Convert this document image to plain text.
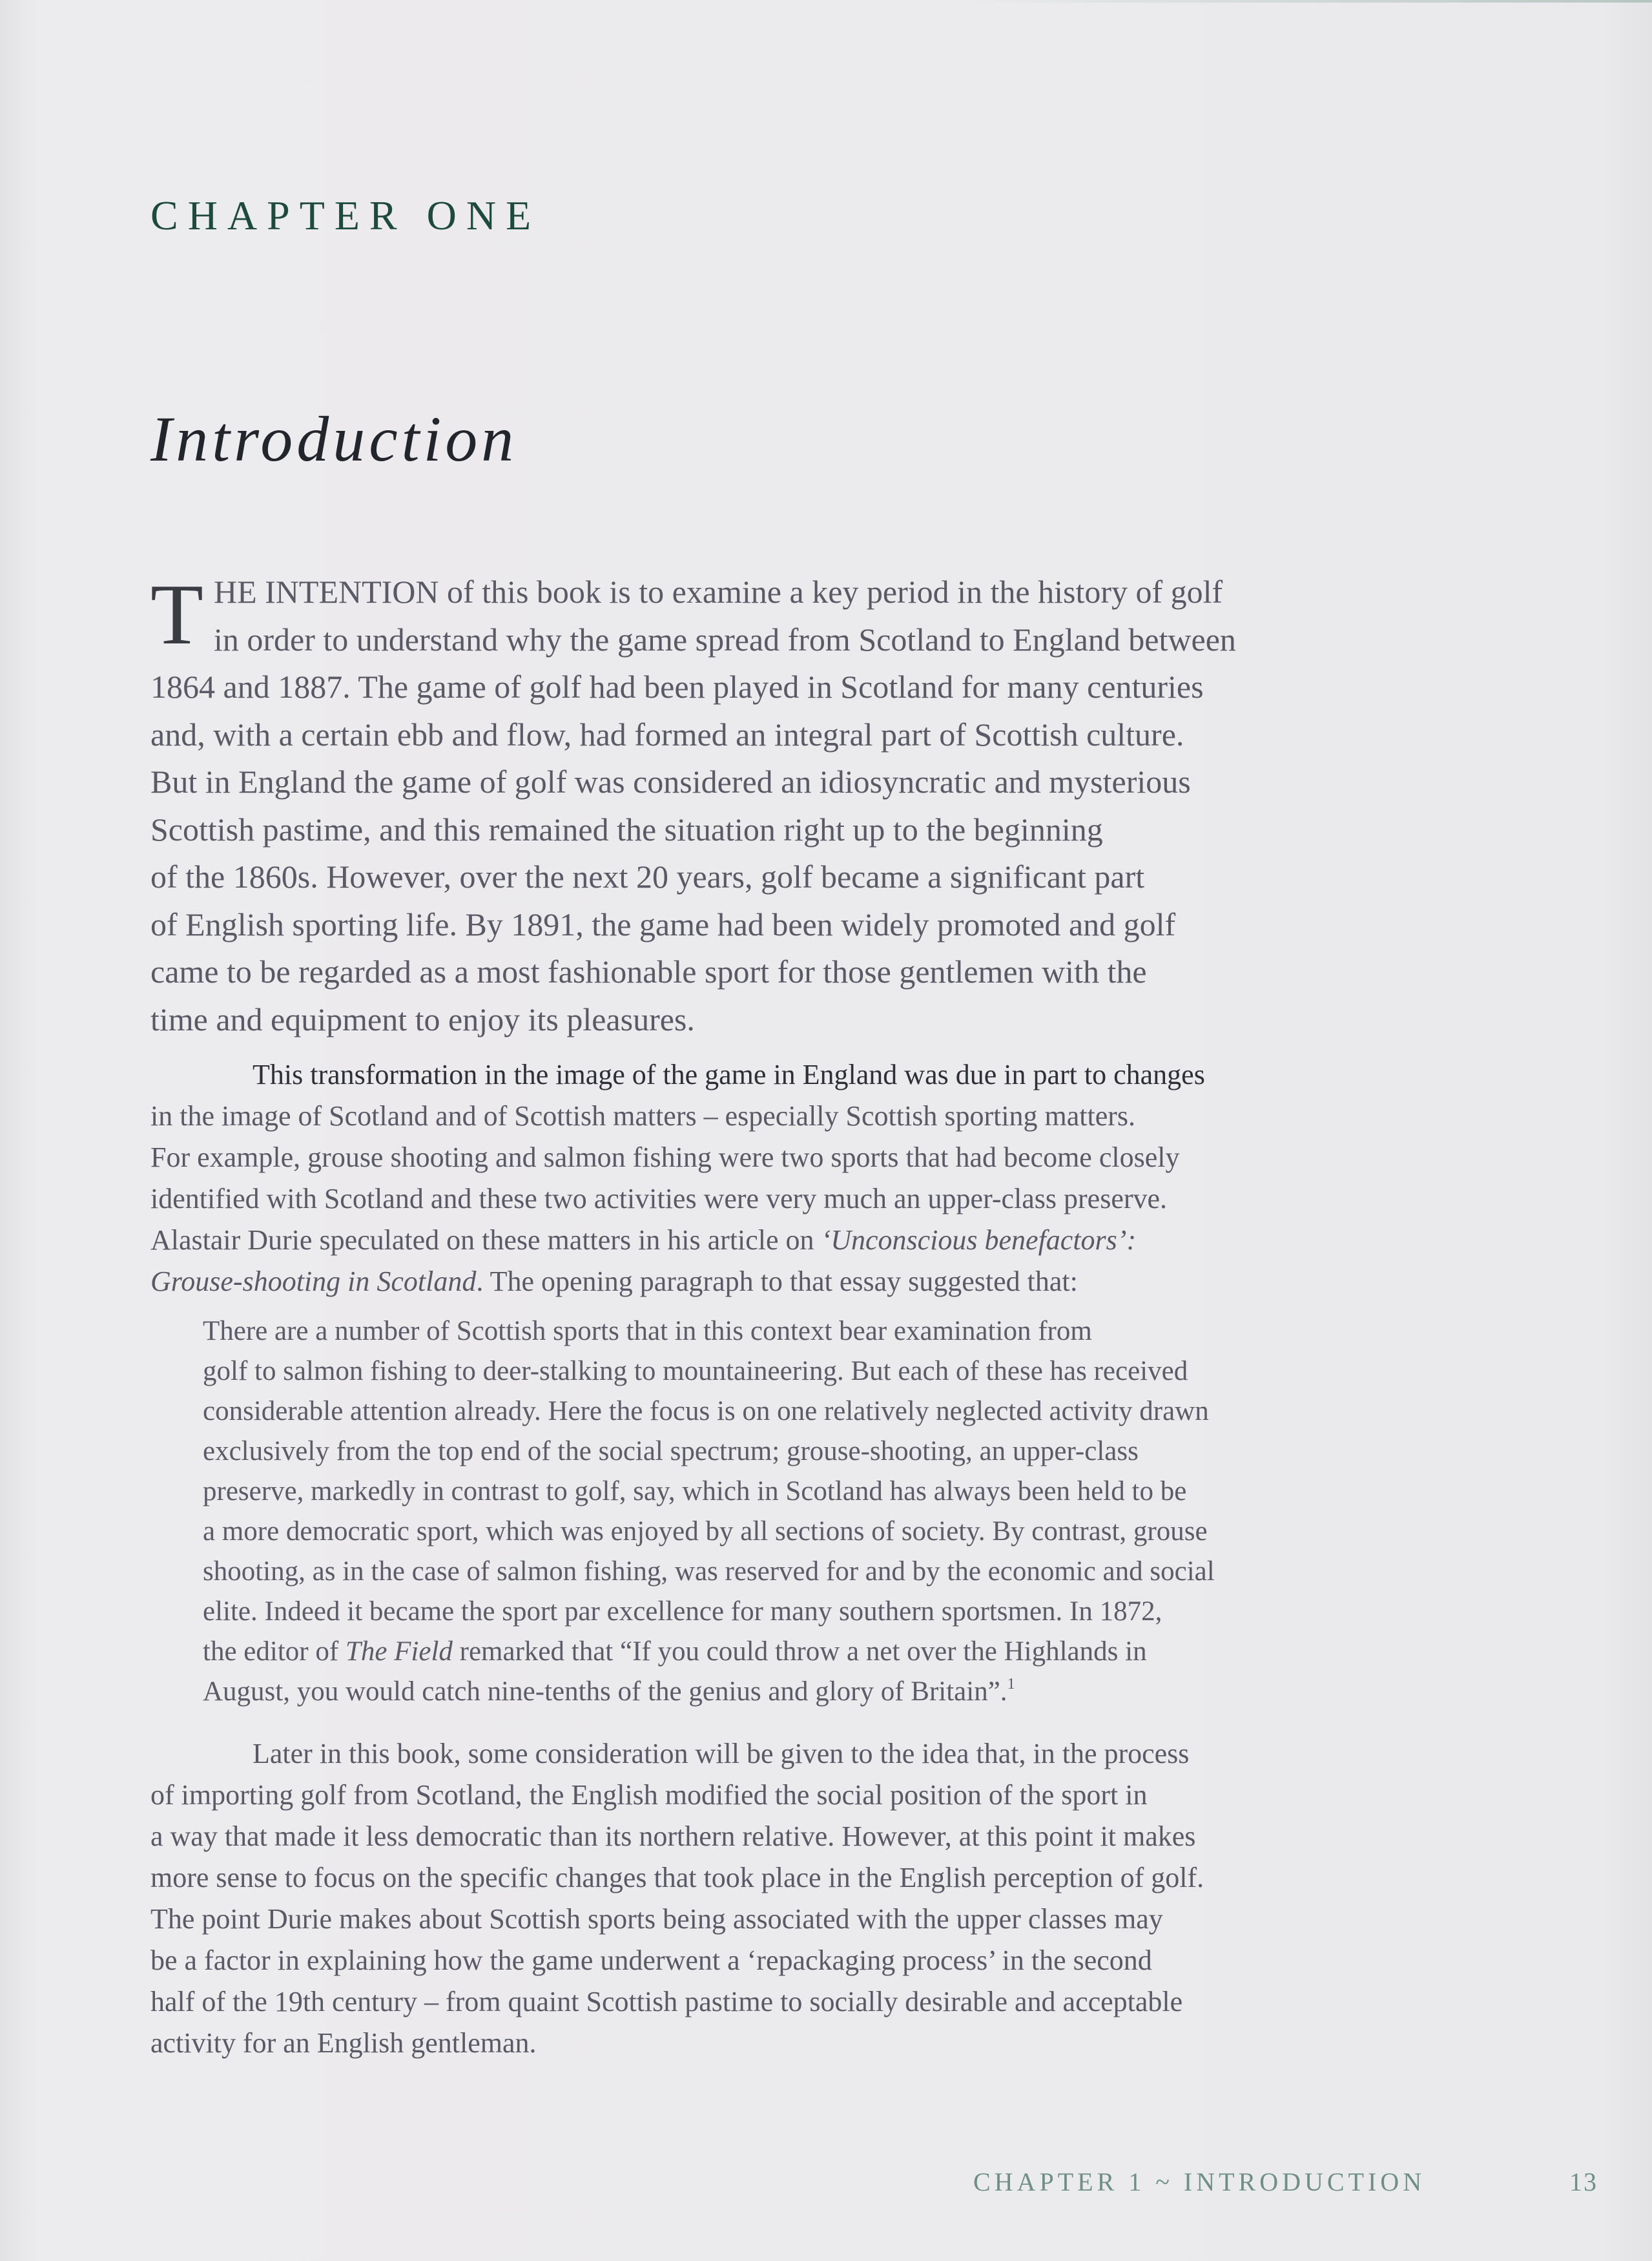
CHAPTER ONE
Introduction
T HE INTENTION of this book is to examine a key period in the history of golf
in order to understand why the game spread from Scotland to England between
1864 and 1887. The game of golf had been played in Scotland for many centuries
and, with a certain ebb and flow, had formed an integral part of Scottish culture.
But in England the game of golf was considered an idiosyncratic and mysterious
Scottish pastime, and this remained the situation right up to the beginning
of the 1860s. However, over the next 20 years, golf became a significant part
of English sporting life. By 1891, the game had been widely promoted and golf
came to be regarded as a most fashionable sport for those gentlemen with the
time and equipment to enjoy its pleasures.
This transformation in the image of the game in England was due in part to changes
in the image of Scotland and of Scottish matters – especially Scottish sporting matters.
For example, grouse shooting and salmon fishing were two sports that had become closely
identified with Scotland and these two activities were very much an upper-class preserve.
Alastair Durie speculated on these matters in his article on ‘Unconscious benefactors’:
Grouse-shooting in Scotland. The opening paragraph to that essay suggested that:
There are a number of Scottish sports that in this context bear examination from
golf to salmon fishing to deer-stalking to mountaineering. But each of these has received
considerable attention already. Here the focus is on one relatively neglected activity drawn
exclusively from the top end of the social spectrum; grouse-shooting, an upper-class
preserve, markedly in contrast to golf, say, which in Scotland has always been held to be
a more democratic sport, which was enjoyed by all sections of society. By contrast, grouse
shooting, as in the case of salmon fishing, was reserved for and by the economic and social
elite. Indeed it became the sport par excellence for many southern sportsmen. In 1872,
the editor of The Field remarked that “If you could throw a net over the Highlands in
August, you would catch nine-tenths of the genius and glory of Britain”.$^1$
Later in this book, some consideration will be given to the idea that, in the process
of importing golf from Scotland, the English modified the social position of the sport in
a way that made it less democratic than its northern relative. However, at this point it makes
more sense to focus on the specific changes that took place in the English perception of golf.
The point Durie makes about Scottish sports being associated with the upper classes may
be a factor in explaining how the game underwent a ‘repackaging process’ in the second
half of the 19th century – from quaint Scottish pastime to socially desirable and acceptable
activity for an English gentleman.
CHAPTER 1 ~ INTRODUCTION	13
